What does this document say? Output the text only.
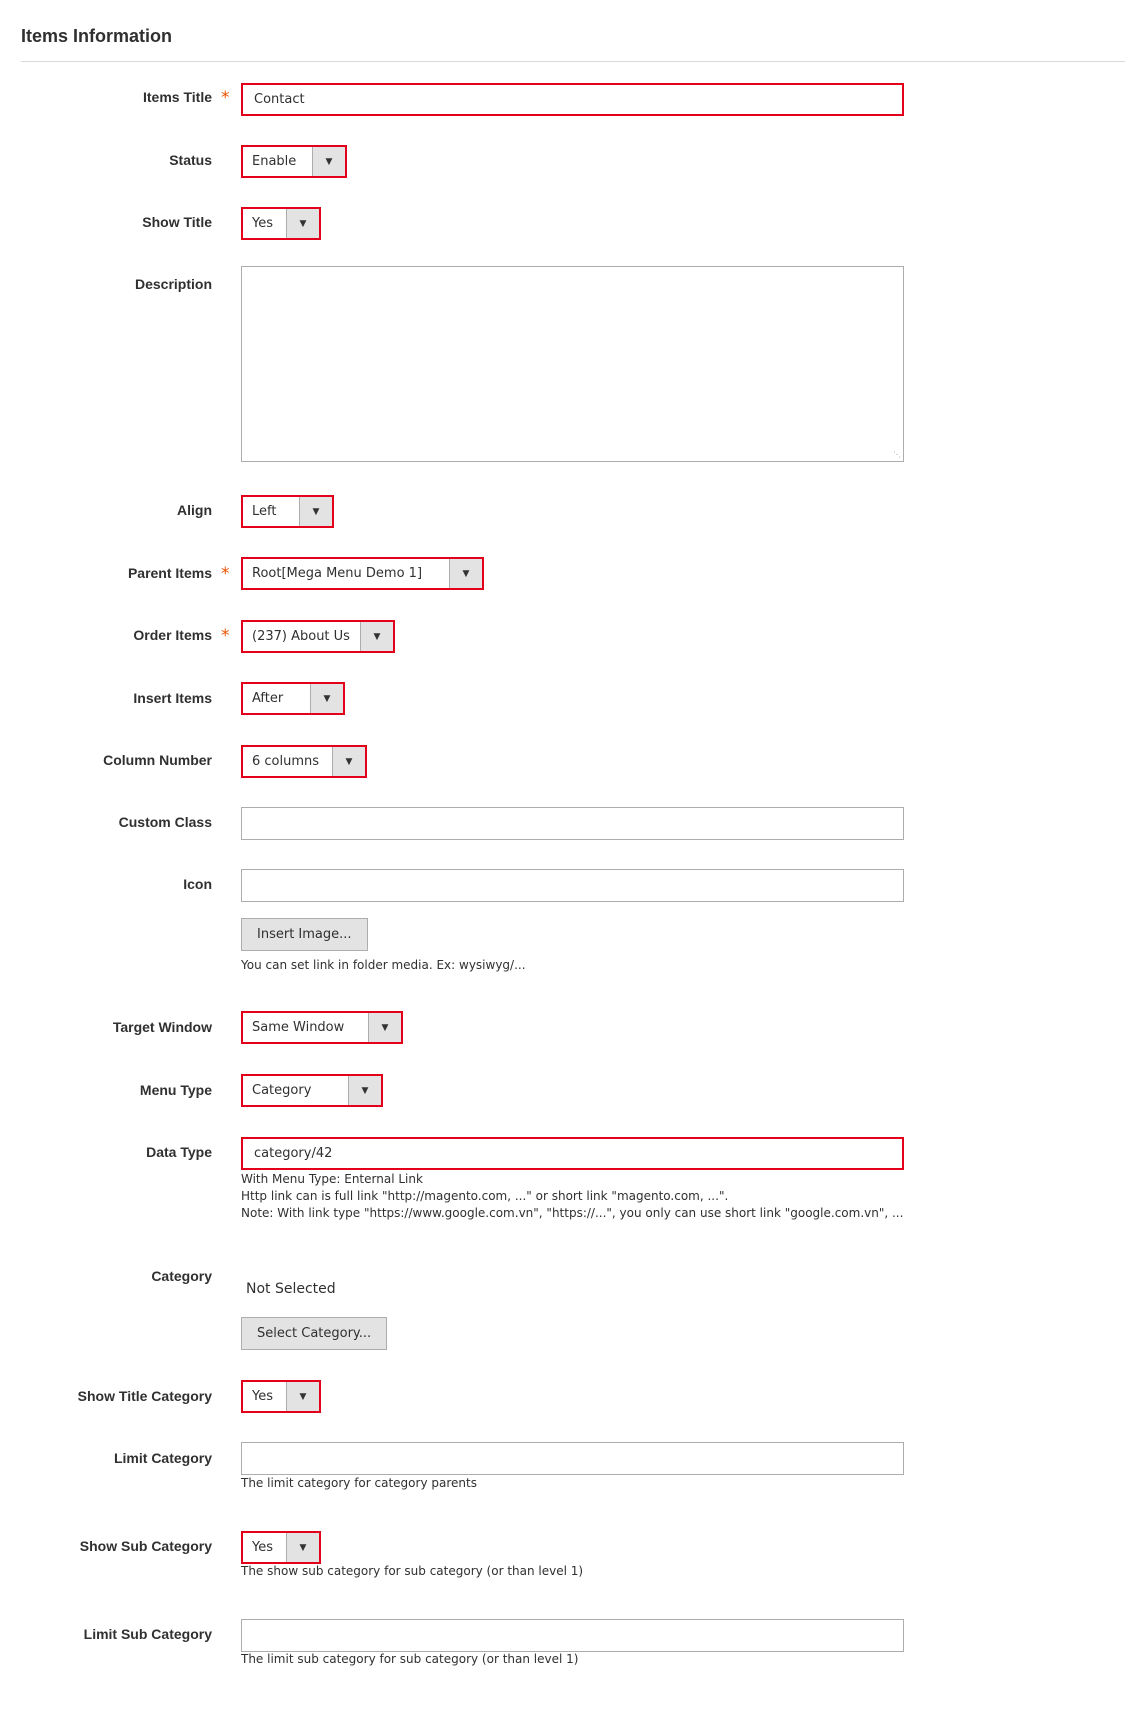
Items Information
Items Title *	Contact
Status	Enable	▼
Show Title	Yes	▼
Description
⋱
Align	Left	▼
Parent Items *	Root[Mega Menu Demo 1]	▼
Order Items *	(237) About Us	▼
Insert Items	After	▼
Column Number	6 columns	▼
Custom Class
Icon
Insert Image...
You can set link in folder media. Ex: wysiwyg/...
Target Window	Same Window	▼
Menu Type	Category	▼
Data Type	category/42
With Menu Type: Enternal Link
Http link can is full link "http://magento.com, ..." or short link "magento.com, ...".
Note: With link type "https://www.google.com.vn", "https://...", you only can use short link "google.com.vn", ...
Category
Not Selected
Select Category...
Show Title Category	Yes	▼
Limit Category
The limit category for category parents
Show Sub Category	Yes	▼
The show sub category for sub category (or than level 1)
Limit Sub Category
The limit sub category for sub category (or than level 1)
